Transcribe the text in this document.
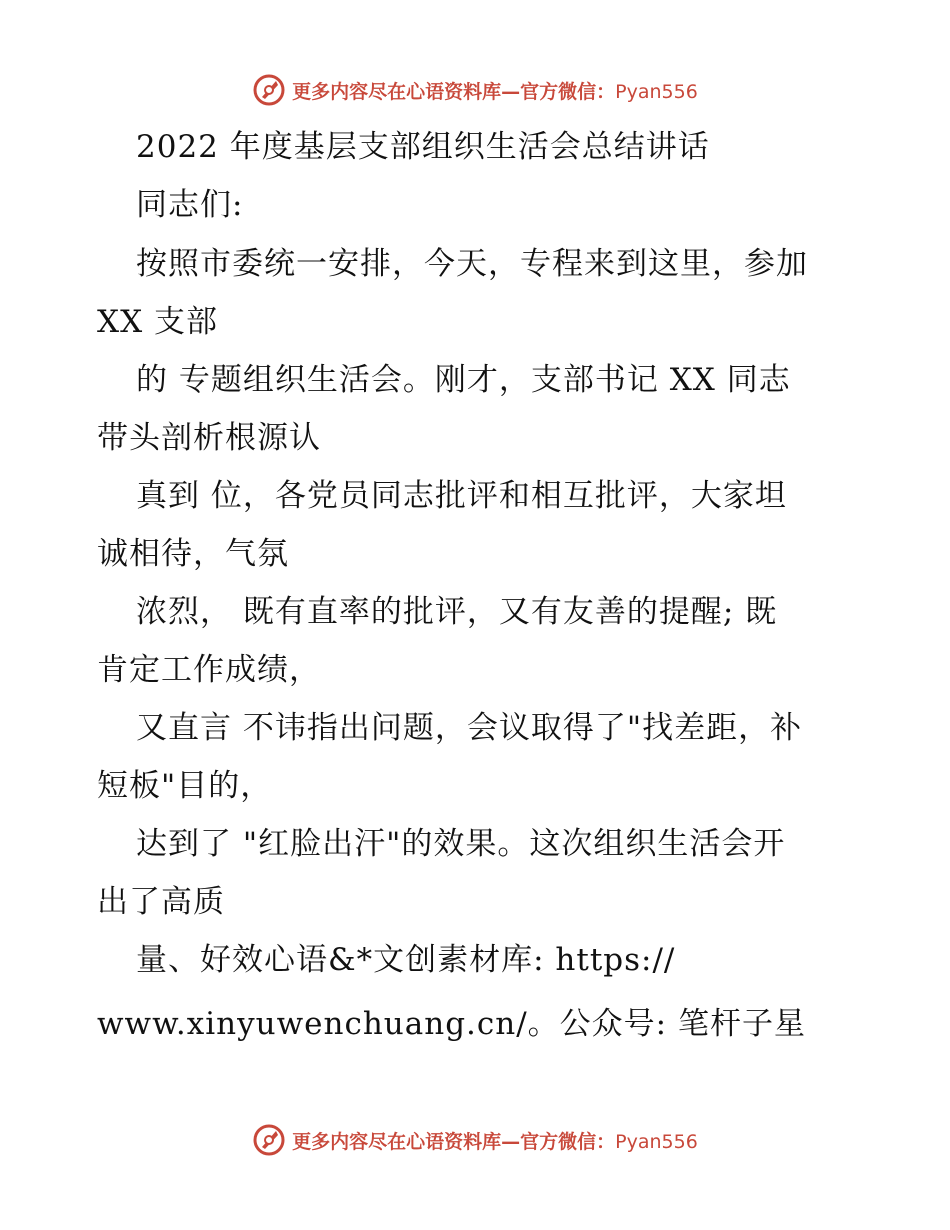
更多内容尽在心语资料库—官方微信：Pyan556
2022 年度基层支部组织生活会总结讲话
同志们:
按照市委统一安排，今天，专程来到这里，参加
XX 支部
的 专题组织生活会。刚才，支部书记 XX 同志
带头剖析根源认
真到 位，各党员同志批评和相互批评，大家坦
诚相待，气氛
浓烈， 既有直率的批评，又有友善的提醒; 既
肯定工作成绩，
又直言 不讳指出问题，会议取得了"找差距，补
短板"目的，
达到了 "红脸出汗"的效果。这次组织生活会开
出了高质
量、好效心语&*文创素材库: https://
www.xinyuwenchuang.cn/。公众号: 笔杆子星
更多内容尽在心语资料库—官方微信：Pyan556
